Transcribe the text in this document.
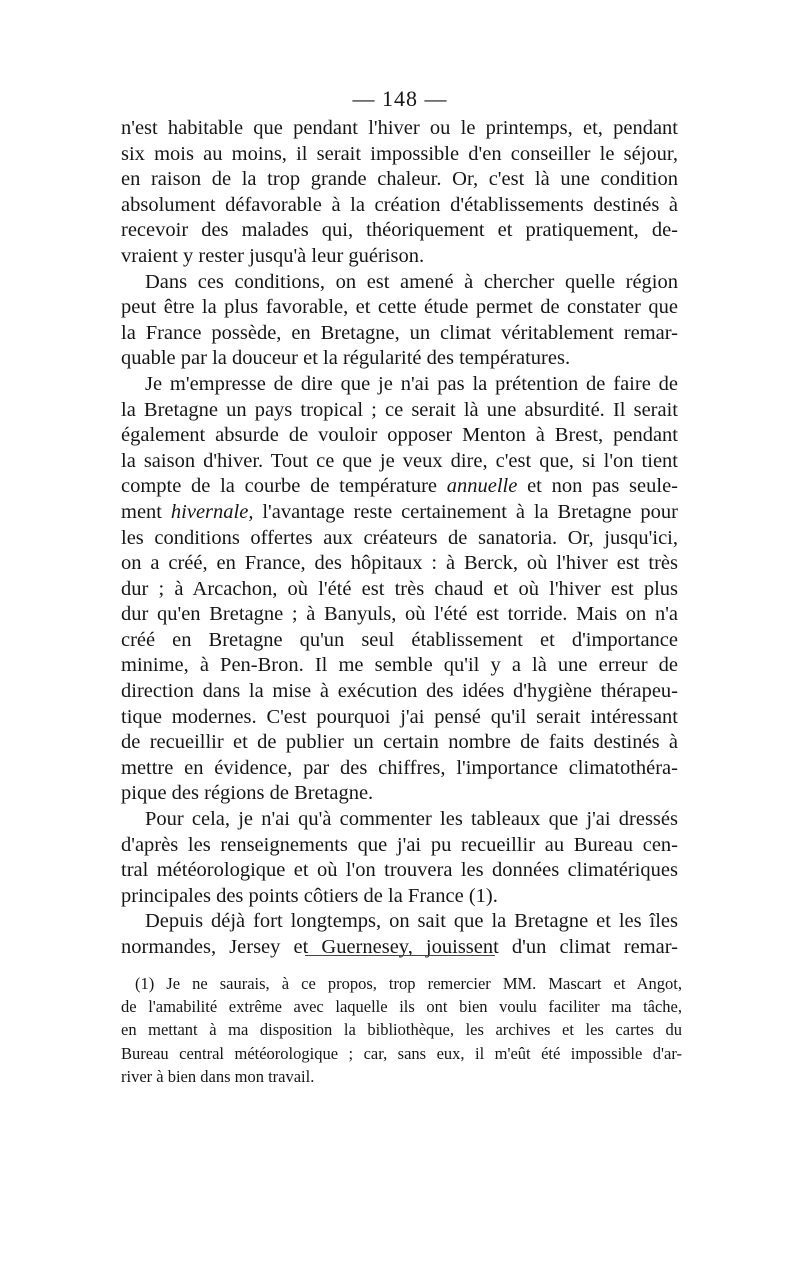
— 148 —
n'est habitable que pendant l'hiver ou le printemps, et, pendant
six mois au moins, il serait impossible d'en conseiller le séjour,
en raison de la trop grande chaleur. Or, c'est là une condition
absolument défavorable à la création d'établissements destinés à
recevoir des malades qui, théoriquement et pratiquement, de-
vraient y rester jusqu'à leur guérison.
Dans ces conditions, on est amené à chercher quelle région
peut être la plus favorable, et cette étude permet de constater que
la France possède, en Bretagne, un climat véritablement remar-
quable par la douceur et la régularité des températures.
Je m'empresse de dire que je n'ai pas la prétention de faire de
la Bretagne un pays tropical ; ce serait là une absurdité. Il serait
également absurde de vouloir opposer Menton à Brest, pendant
la saison d'hiver. Tout ce que je veux dire, c'est que, si l'on tient
compte de la courbe de température annuelle et non pas seule-
ment hivernale, l'avantage reste certainement à la Bretagne pour
les conditions offertes aux créateurs de sanatoria. Or, jusqu'ici,
on a créé, en France, des hôpitaux : à Berck, où l'hiver est très
dur ; à Arcachon, où l'été est très chaud et où l'hiver est plus
dur qu'en Bretagne ; à Banyuls, où l'été est torride. Mais on n'a
créé en Bretagne qu'un seul établissement et d'importance
minime, à Pen-Bron. Il me semble qu'il y a là une erreur de
direction dans la mise à exécution des idées d'hygiène thérapeu-
tique modernes. C'est pourquoi j'ai pensé qu'il serait intéressant
de recueillir et de publier un certain nombre de faits destinés à
mettre en évidence, par des chiffres, l'importance climatothéra-
pique des régions de Bretagne.
Pour cela, je n'ai qu'à commenter les tableaux que j'ai dressés
d'après les renseignements que j'ai pu recueillir au Bureau cen-
tral météorologique et où l'on trouvera les données climatériques
principales des points côtiers de la France (1).
Depuis déjà fort longtemps, on sait que la Bretagne et les îles
normandes, Jersey et Guernesey, jouissent d'un climat remar-
(1) Je ne saurais, à ce propos, trop remercier MM. Mascart et Angot,
de l'amabilité extrême avec laquelle ils ont bien voulu faciliter ma tâche,
en mettant à ma disposition la bibliothèque, les archives et les cartes du
Bureau central météorologique ; car, sans eux, il m'eût été impossible d'ar-
river à bien dans mon travail.
